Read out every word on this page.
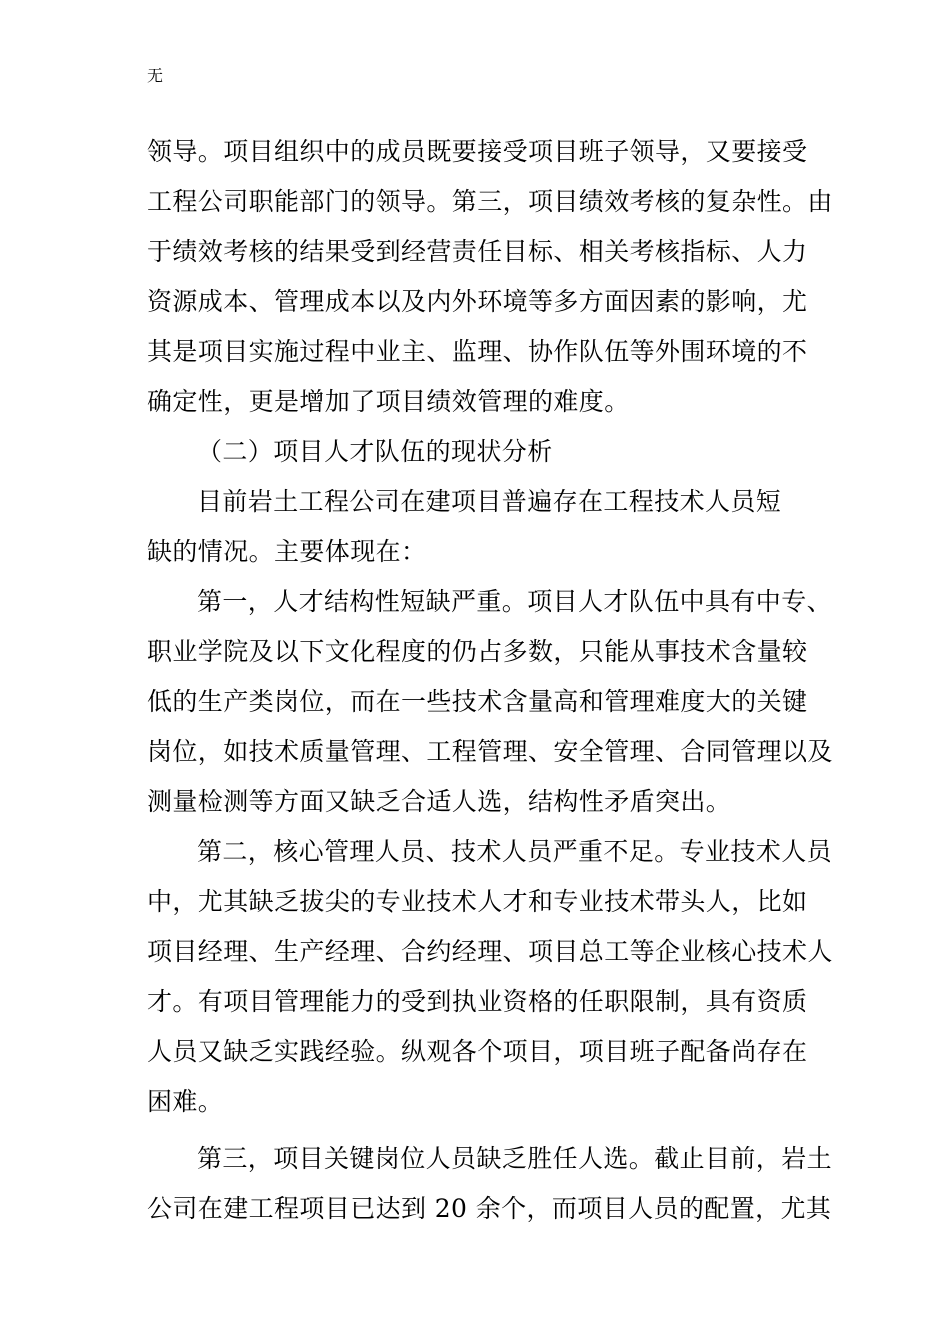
无
领导。项目组织中的成员既要接受项目班子领导，又要接受
工程公司职能部门的领导。第三，项目绩效考核的复杂性。由
于绩效考核的结果受到经营责任目标、相关考核指标、人力
资源成本、管理成本以及内外环境等多方面因素的影响，尤
其是项目实施过程中业主、监理、协作队伍等外围环境的不
确定性，更是增加了项目绩效管理的难度。
（二）项目人才队伍的现状分析
目前岩土工程公司在建项目普遍存在工程技术人员短
缺的情况。主要体现在：
第一，人才结构性短缺严重。项目人才队伍中具有中专、
职业学院及以下文化程度的仍占多数，只能从事技术含量较
低的生产类岗位，而在一些技术含量高和管理难度大的关键
岗位，如技术质量管理、工程管理、安全管理、合同管理以及
测量检测等方面又缺乏合适人选，结构性矛盾突出。
第二，核心管理人员、技术人员严重不足。专业技术人员
中，尤其缺乏拔尖的专业技术人才和专业技术带头人，比如
项目经理、生产经理、合约经理、项目总工等企业核心技术人
才。有项目管理能力的受到执业资格的任职限制，具有资质
人员又缺乏实践经验。纵观各个项目，项目班子配备尚存在
困难。
第三，项目关键岗位人员缺乏胜任人选。截止目前，岩土
公司在建工程项目已达到 20 余个，而项目人员的配置，尤其
